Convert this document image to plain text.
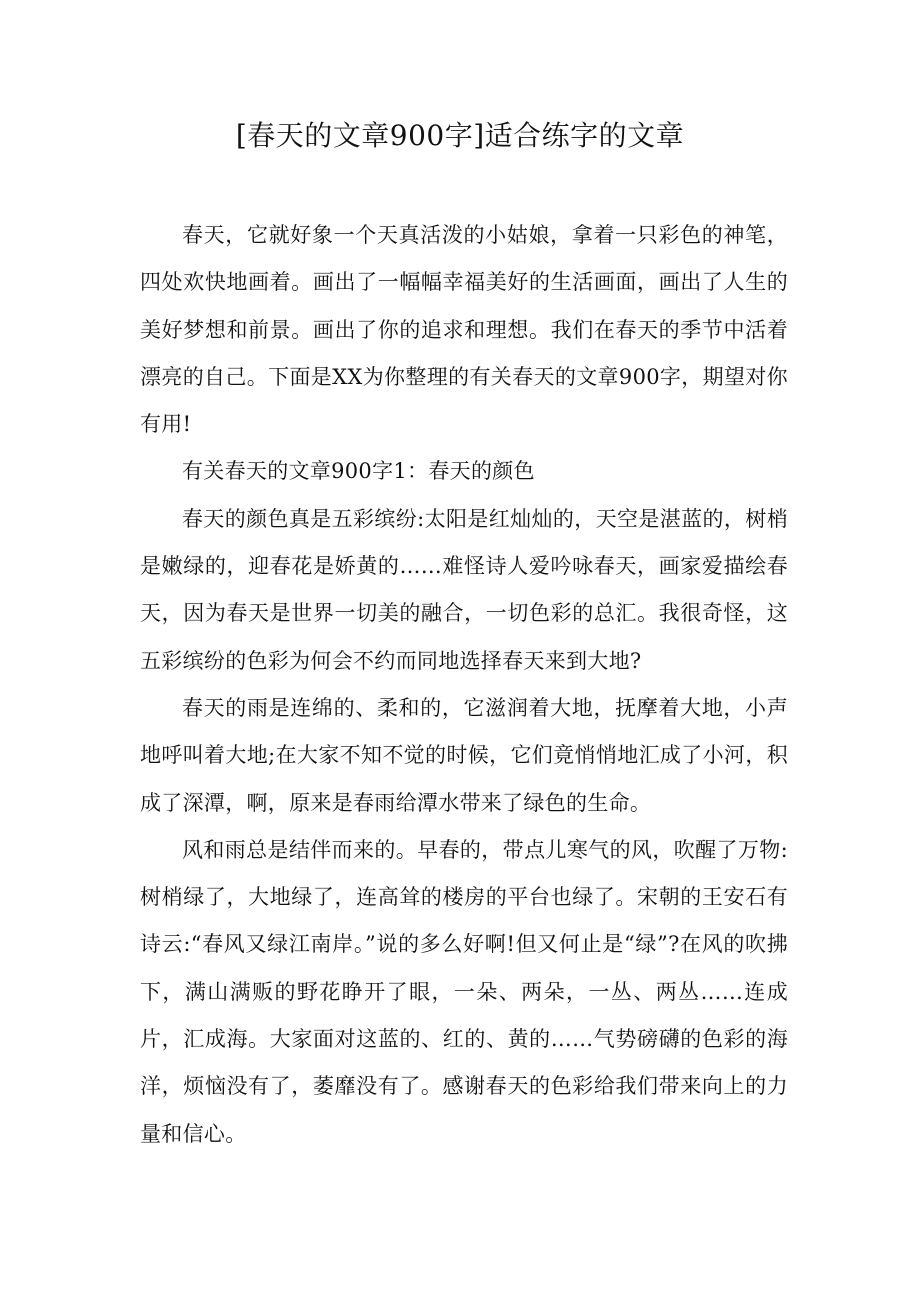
[春天的文章900字]适合练字的文章

春天，它就好象一个天真活泼的小姑娘，拿着一只彩色的神笔，四处欢快地画着。画出了一幅幅幸福美好的生活画面，画出了人生的美好梦想和前景。画出了你的追求和理想。我们在春天的季节中活着漂亮的自己。下面是XX为你整理的有关春天的文章900字，期望对你有用!

有关春天的文章900字1：春天的颜色

春天的颜色真是五彩缤纷:太阳是红灿灿的，天空是湛蓝的，树梢是嫩绿的，迎春花是娇黄的……难怪诗人爱吟咏春天，画家爱描绘春天，因为春天是世界一切美的融合，一切色彩的总汇。我很奇怪，这五彩缤纷的色彩为何会不约而同地选择春天来到大地?

春天的雨是连绵的、柔和的，它滋润着大地，抚摩着大地，小声地呼叫着大地;在大家不知不觉的时候，它们竟悄悄地汇成了小河，积成了深潭，啊，原来是春雨给潭水带来了绿色的生命。

风和雨总是结伴而来的。早春的，带点儿寒气的风，吹醒了万物:树梢绿了，大地绿了，连高耸的楼房的平台也绿了。宋朝的王安石有诗云:“春风又绿江南岸。”说的多么好啊!但又何止是“绿”?在风的吹拂下，满山满贩的野花睁开了眼，一朵、两朵，一丛、两丛……连成片，汇成海。大家面对这蓝的、红的、黄的……气势磅礴的色彩的海洋，烦恼没有了，萎靡没有了。感谢春天的色彩给我们带来向上的力量和信心。
